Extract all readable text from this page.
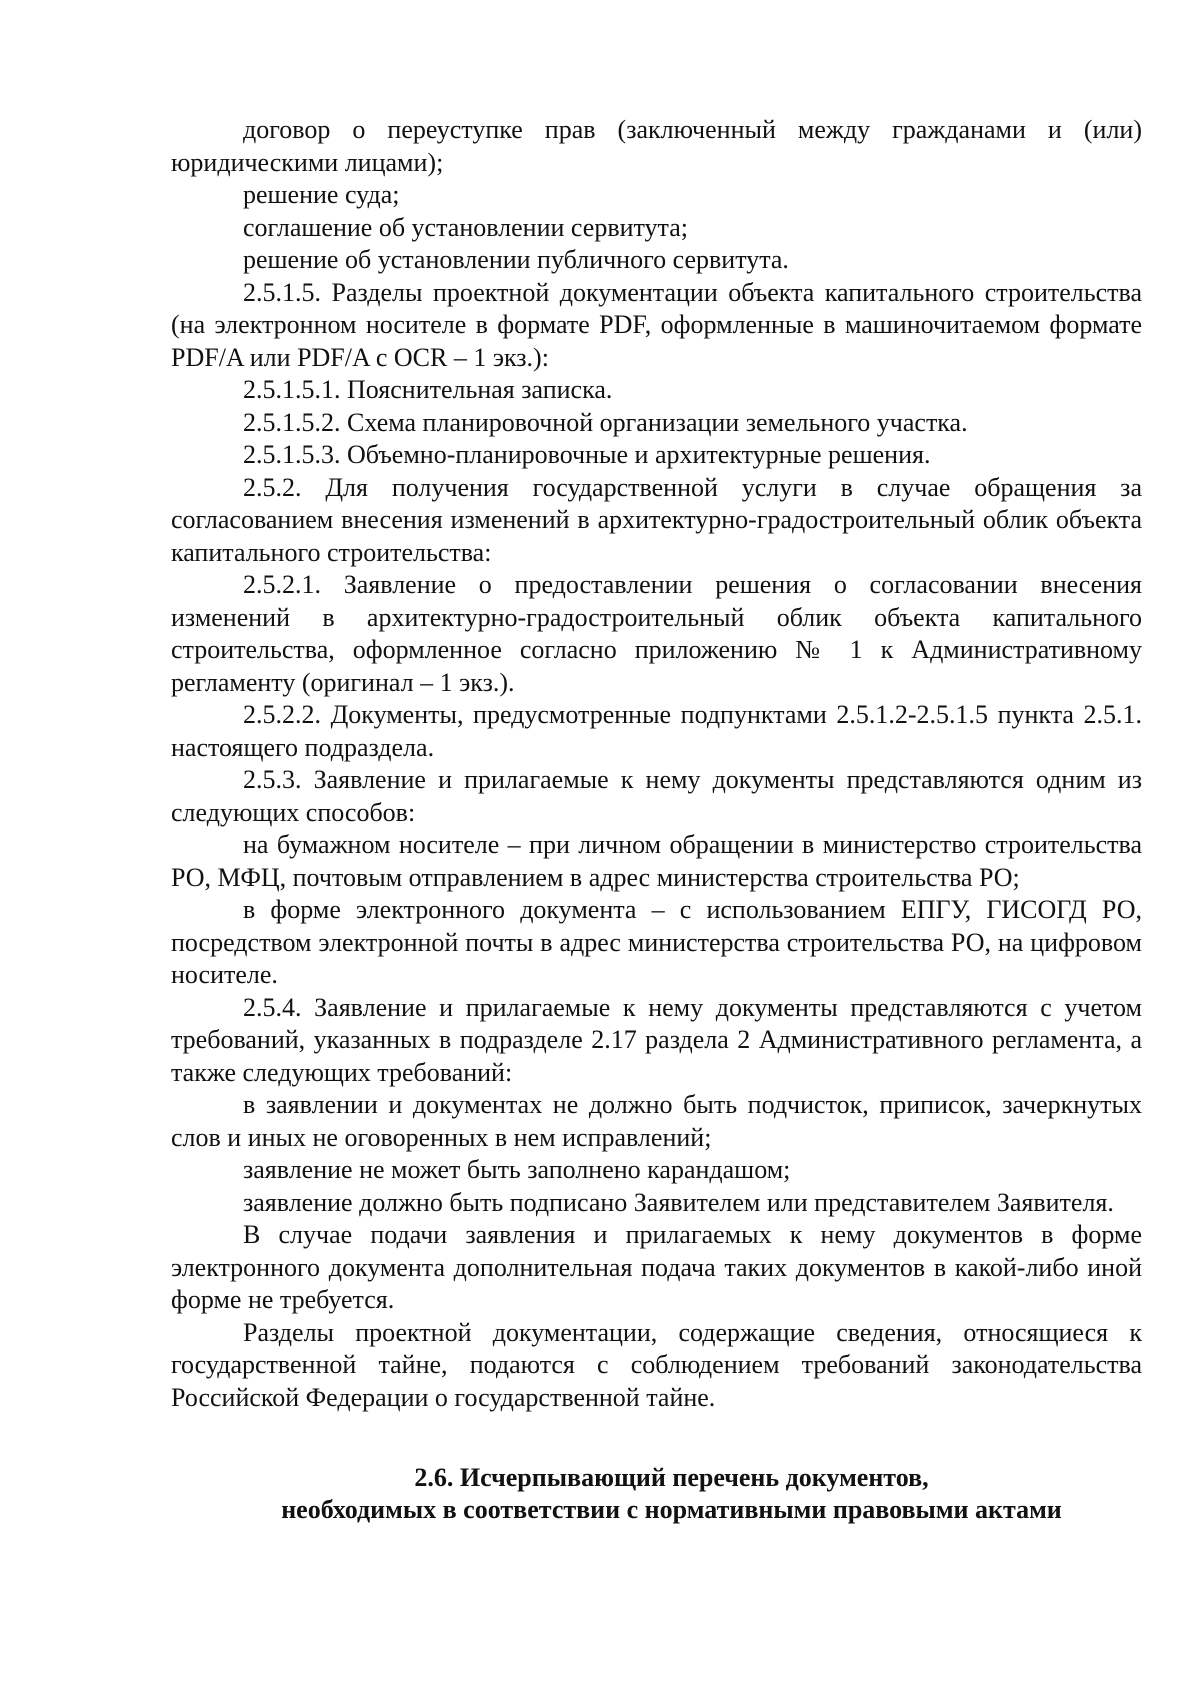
договор о переуступке прав (заключенный между гражданами и (или) юридическими лицами);

решение суда;

соглашение об установлении сервитута;

решение об установлении публичного сервитута.

2.5.1.5. Разделы проектной документации объекта капитального строительства (на электронном носителе в формате PDF, оформленные в машиночитаемом формате PDF/A или PDF/A с OCR – 1 экз.):

2.5.1.5.1. Пояснительная записка.

2.5.1.5.2. Схема планировочной организации земельного участка.

2.5.1.5.3. Объемно-планировочные и архитектурные решения.

2.5.2. Для получения государственной услуги в случае обращения за согласованием внесения изменений в архитектурно-градостроительный облик объекта капитального строительства:

2.5.2.1. Заявление о предоставлении решения о согласовании внесения изменений в архитектурно-градостроительный облик объекта капитального строительства, оформленное согласно приложению № 1 к Административному регламенту (оригинал – 1 экз.).

2.5.2.2. Документы, предусмотренные подпунктами 2.5.1.2-2.5.1.5 пункта 2.5.1. настоящего подраздела.

2.5.3. Заявление и прилагаемые к нему документы представляются одним из следующих способов:

на бумажном носителе – при личном обращении в министерство строительства РО, МФЦ, почтовым отправлением в адрес министерства строительства РО;

в форме электронного документа – с использованием ЕПГУ, ГИСОГД РО, посредством электронной почты в адрес министерства строительства РО, на цифровом носителе.

2.5.4. Заявление и прилагаемые к нему документы представляются с учетом требований, указанных в подразделе 2.17 раздела 2 Административного регламента, а также следующих требований:

в заявлении и документах не должно быть подчисток, приписок, зачеркнутых слов и иных не оговоренных в нем исправлений;

заявление не может быть заполнено карандашом;

заявление должно быть подписано Заявителем или представителем Заявителя.

В случае подачи заявления и прилагаемых к нему документов в форме электронного документа дополнительная подача таких документов в какой-либо иной форме не требуется.

Разделы проектной документации, содержащие сведения, относящиеся к государственной тайне, подаются с соблюдением требований законодательства Российской Федерации о государственной тайне.

2.6. Исчерпывающий перечень документов,
необходимых в соответствии с нормативными правовыми актами
